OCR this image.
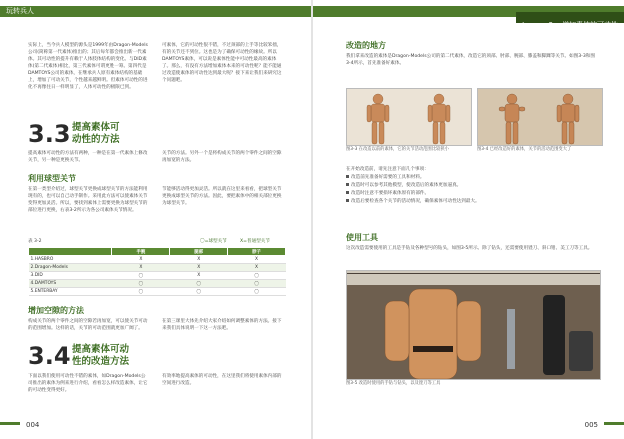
玩转兵人
实际上，当今兵人模型的源头是1999年由Dragon-Models公司(简称第一代素体)推出的；其后每年都会推出新一代素体。其可动性的提升有赖于人体肢体结构的变化。与DID素体(第二代素体)相比，第三代素体可谓更胜一筹。第四代是DAMTOYS公司的素体，在继承兵人原有素体结构的基础上，增加了可动关节，个性越来越鲜明。但素体可动性的进化不再像往日一样明显了，人体可动性的极限已到。
可素体，它的可动性很不错，不过颈部的上手等比较笨拙，有的关节还不到位。这也是为了确保可动性的缘故。所以DAMTOYS素体，可以说是素体性能中可动性最高的素体了。那么，有没有方法增加素体本来的可动性呢？能不能通过改造使素体的可动性达到最大呢？接下来让我们来研究这个问题吧。
3.3 提高素体可
动性的方法
提高素体可动性的方法有两种，一种是在第一代素体上修改关节，另一种是更换关节。
关节的方法。另外一个是将构成关节的两个零件之间的空隙再加宽的方法。
利用球型关节
在第一类型介绍过，球型关节更换成球型关节的方法能利用现有的，也可以自己动手制作。采用此方法可以使素体关节变得更加灵活。所以，要找到素体上需要更换为球型关节的部位进行更换，右表3-2所示为各公司素体关节情况。
节能够活动得更加灵活。所以就在这里来看看，把球型关节更换成球型关节的方法。因此，要把素体中的相关部位更换为球型关节。
表 3-2	〇=球型关节	X=普通型关节
	手腕	腿部	脖子
1.HASBRO	X	X	X
2.Dragon-Models	X	X	X
3.DID	〇	X	〇
4.DAMTOYS	〇	〇	〇
5.ENTERBAY	〇	〇	〇
增加空隙的方法
构成关节的两个零件之间的空隙若再加宽，可以使关节可动的范围增加。这样的话，关节的可动范围就更加广阔了。
在第三课里大体先介绍大家介绍如何调整素体的方法。接下来我们具体说明一下这一方法吧。
3.4 提高素体可动
性的改造方法
下面以我们使用可动性不错的素体，如Dragon-Models公司推出的素体为例来进行介绍，看看怎么样改造素体，让它的可动性变得更好。
有效率地提高素体的可动性，在这里我们将使用素体内部的空间进行改造。
004
Lesson 3 增加素体的可动性
改造的地方
我们拿来改造的素体是Dragon-Models公司的第二代素体，改造它的颈部、肘部、腕部、膝盖和脚踝等关节。如图3-3和图3-4所示，首先准备好素体。
图3-3 在改造以前的素体，它的关节活动范围比较狭小	图3-4 已经改造好的素体，关节的活动范围变大了
在开始改造前，请先注意下面几个事项：
改造前先准备好需要的工具和材料。
改造时可以参考其他模型，使改造后的素体更加逼真。
改造时注意不要损坏素体原有的部件。
改造后要检查各个关节的活动情况，确保素体可动性达到最大。
使用工具
这次改造需要使用的工具是手钻及各种型号的钻头，如图3-5所示。除了钻头，还需要使用锉刀、斜口钳、美工刀等工具。
图3-5 改造时使用的手钻与钻头，以及锉刀等工具
005
